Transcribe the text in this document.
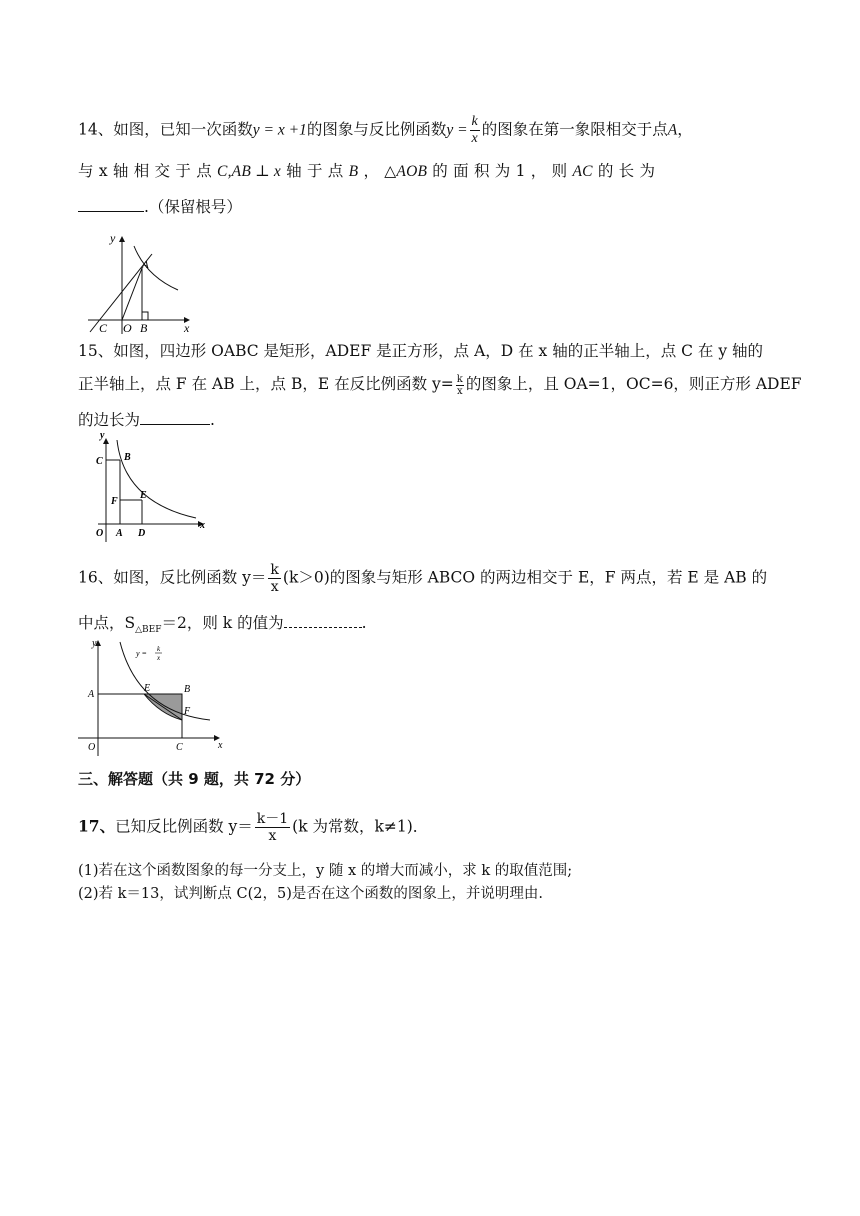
14、如图，已知一次函数y = x +1的图象与反比例函数$y = \frac{k}{x}$ 的图象在第一象限相交于点A，
与 x 轴 相 交 于 点 C,AB ⊥ x 轴 于 点 B ， △AOB 的 面 积 为 1 ， 则 AC 的 长 为
.（保留根号）
y
x
A
C O B
15、如图，四边形 OABC 是矩形，ADEF 是正方形，点 A，D 在 x 轴的正半轴上，点 C 在 y 轴的
正半轴上，点 F 在 AB 上，点 B，E 在反比例函数 $y= \frac{k}{x}$ 的图象上，且 OA=1，OC=6，则正方形 ADEF
的边长为	.
y
x
C B
F
E
O A D
16、如图，反比例函数 $y= \frac{k}{x} (k>0)$的图象与矩形 ABCO 的两边相交于 E，F 两点，若 E 是 AB 的
中点，$S_{\triangle BEF}=2$，则 k 的值为	.
y
x
y = k
x
A
E	B
F
O	C
三、解答题（共 9 题，共 72 分）
17、已知反比例函数 $y= \frac{k-1}{x} (k$ 为常数，k≠1)．
(1)若在这个函数图象的每一分支上，y 随 x 的增大而减小，求 k 的取值范围;
(2)若 k＝13，试判断点 C(2，5)是否在这个函数的图象上，并说明理由.
